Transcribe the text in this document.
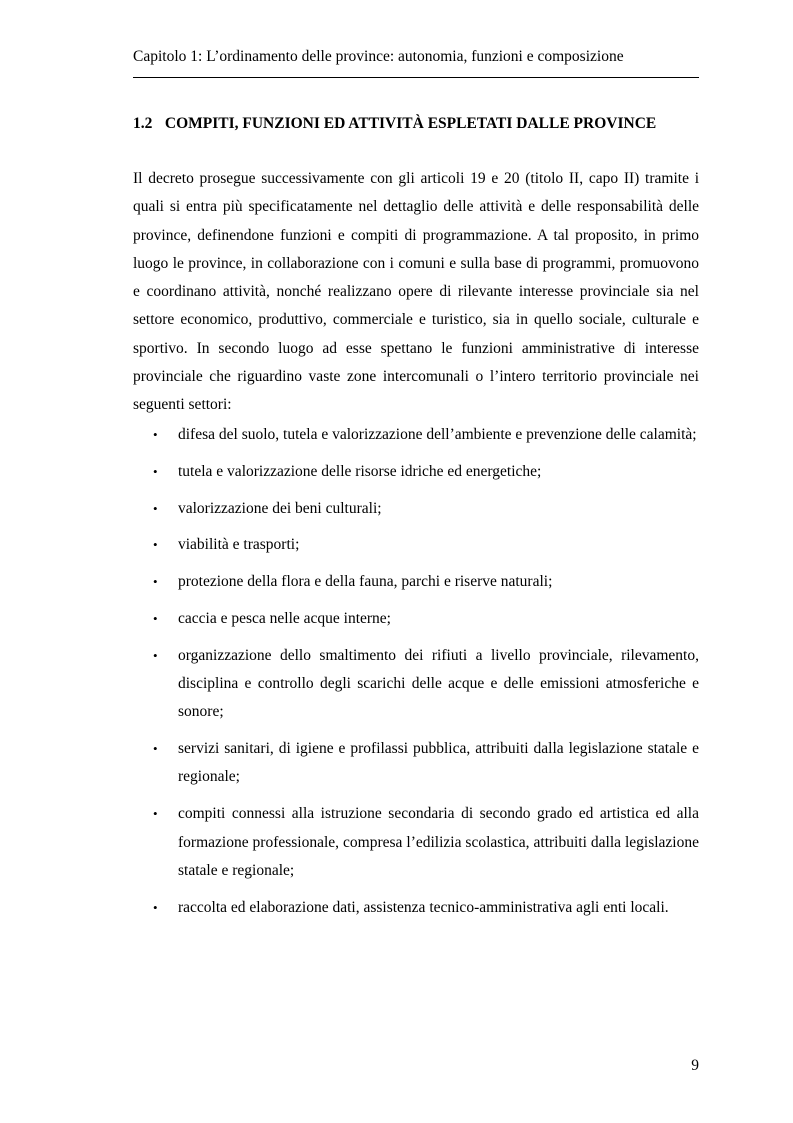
Capitolo 1: L’ordinamento delle province: autonomia, funzioni e composizione
1.2 COMPITI, FUNZIONI ED ATTIVITÀ ESPLETATI DALLE PROVINCE

Il decreto prosegue successivamente con gli articoli 19 e 20 (titolo II, capo II) tramite i quali si entra più specificatamente nel dettaglio delle attività e delle responsabilità delle province, definendone funzioni e compiti di programmazione. A tal proposito, in primo luogo le province, in collaborazione con i comuni e sulla base di programmi, promuovono e coordinano attività, nonché realizzano opere di rilevante interesse provinciale sia nel settore economico, produttivo, commerciale e turistico, sia in quello sociale, culturale e sportivo. In secondo luogo ad esse spettano le funzioni amministrative di interesse provinciale che riguardino vaste zone intercomunali o l’intero territorio provinciale nei seguenti settori:

• difesa del suolo, tutela e valorizzazione dell’ambiente e prevenzione delle calamità;
• tutela e valorizzazione delle risorse idriche ed energetiche;
• valorizzazione dei beni culturali;
• viabilità e trasporti;
• protezione della flora e della fauna, parchi e riserve naturali;
• caccia e pesca nelle acque interne;
• organizzazione dello smaltimento dei rifiuti a livello provinciale, rilevamento, disciplina e controllo degli scarichi delle acque e delle emissioni atmosferiche e sonore;
• servizi sanitari, di igiene e profilassi pubblica, attribuiti dalla legislazione statale e regionale;
• compiti connessi alla istruzione secondaria di secondo grado ed artistica ed alla formazione professionale, compresa l’edilizia scolastica, attribuiti dalla legislazione statale e regionale;
• raccolta ed elaborazione dati, assistenza tecnico-amministrativa agli enti locali.
9
